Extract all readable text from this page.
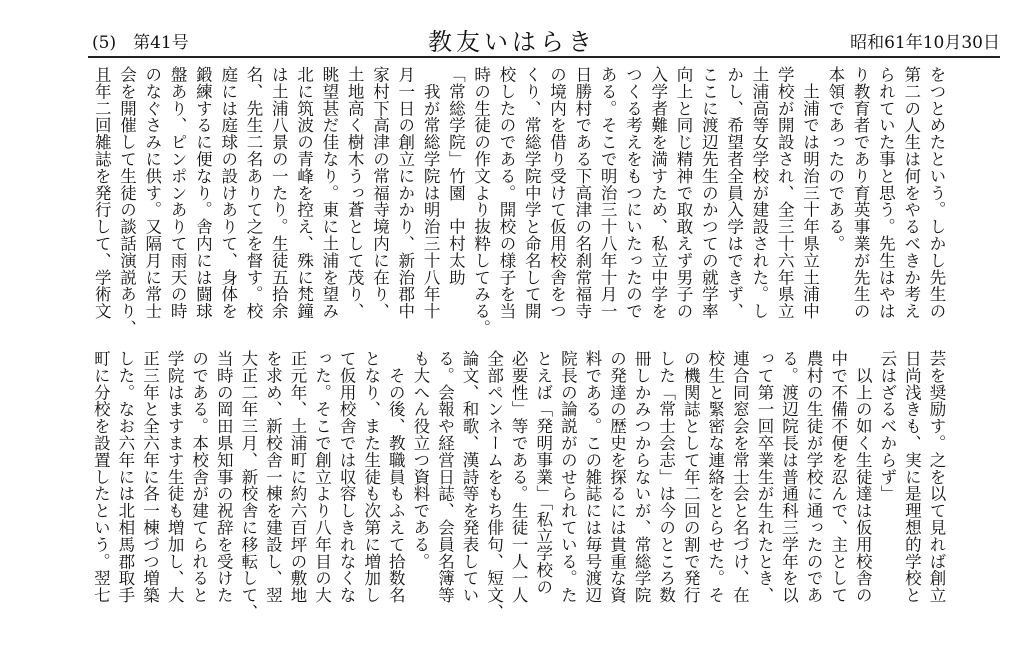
(5)　第41号	教友いはらき	昭和61年10月30日
をつとめたという。しかし先生の
第二の人生は何をやるべきか考え
られていた事と思う。先生はやは
り教育者であり育英事業が先生の
本領であったのである。
　土浦では明治三十年県立土浦中
学校が開設され、全三十六年県立
土浦高等女学校が建設された。し
かし、希望者全員入学はできず、
ここに渡辺先生のかつての就学率
向上と同じ精神で取敢えず男子の
入学者難を満すため、私立中学を
つくる考えをもつにいたったので
ある。そこで明治三十八年十月一
日勝村である下高津の名刹常福寺
の境内を借り受けて仮用校舎をつ
くり、常総学院中学と命名して開
校したのである。開校の様子を当
時の生徒の作文より抜粋してみる。
「常総学院」竹園　中村太助
　我が常総学院は明治三十八年十
月一日の創立にかかり、新治郡中
家村下高津の常福寺境内に在り、
土地高く樹木うっ蒼として茂り、
眺望甚だ佳なり。東に土浦を望み
北に筑波の青峰を控え、殊に梵鐘
は土浦八景の一たり。生徒五拾余
名、先生二名ありて之を督す。校
庭には庭球の設けありて、身体を
鍛練するに便なり。舎内には闘球
盤あり、ピンポンありて雨天の時
のなぐさみに供す。又隔月に常士
会を開催して生徒の談話演説あり、
且年二回雑誌を発行して、学術文
芸を奨励す。之を以て見れば創立
日尚浅きも、実に是理想的学校と
云はざるべからず」
　以上の如く生徒達は仮用校舎の
中で不備不便を忍んで、主として
農村の生徒が学校に通ったのであ
る。渡辺院長は普通科三学年を以
って第一回卒業生が生れたとき、
連合同窓会を常士会と名づけ、在
校生と緊密な連絡をとらせた。そ
の機関誌として年二回の割で発行
した「常士会志」は今のところ数
冊しかみつからないが、常総学院
の発達の歴史を探るには貴重な資
料である。この雑誌には毎号渡辺
院長の論説がのせられている。た
とえば「発明事業」「私立学校の
必要性」等である。生徒一人一人
全部ペンネームをもち俳句、短文、
論文、和歌、漢詩等を発表してい
る。会報や経営日誌、会員名簿等
も大へん役立つ資料である。
　その後、教職員もふえて拾数名
となり、また生徒も次第に増加し
て仮用校舎では収容しきれなくな
った。そこで創立より八年目の大
正元年、土浦町に約六百坪の敷地
を求め、新校舎一棟を建設し、翌
大正二年三月、新校舎に移転して、
当時の岡田県知事の祝辞を受けた
のである。本校舎が建てられると
学院はますます生徒も増加し、大
正三年と全六年に各一棟づつ増築
した。なお六年には北相馬郡取手
町に分校を設置したという。翌七
